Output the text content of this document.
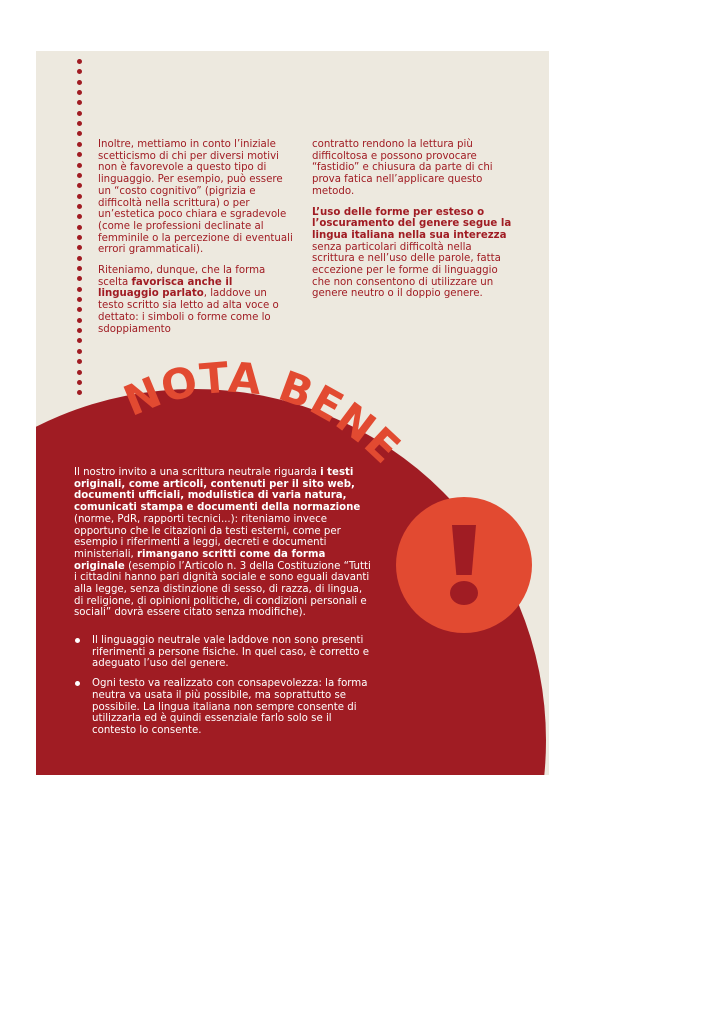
Inoltre, mettiamo in conto l’iniziale scetticismo di chi per diversi motivi non è favorevole a questo tipo di linguaggio. Per esempio, può essere un “costo cognitivo” (pigrizia e difficoltà nella scrittura) o per un’estetica poco chiara e sgradevole (come le professioni declinate al femminile o la percezione di eventuali errori grammaticali).

Riteniamo, dunque, che la forma scelta favorisca anche il linguaggio parlato, laddove un testo scritto sia letto ad alta voce o dettato: i simboli o forme come lo sdoppiamento

contratto rendono la lettura più difficoltosa e possono provocare “fastidio” e chiusura da parte di chi prova fatica nell’applicare questo metodo.

L’uso delle forme per esteso o l’oscuramento del genere segue la lingua italiana nella sua interezza senza particolari difficoltà nella scrittura e nell’uso delle parole, fatta eccezione per le forme di linguaggio che non consentono di utilizzare un genere neutro o il doppio genere.

NOTA BENE

Il nostro invito a una scrittura neutrale riguarda i testi originali, come articoli, contenuti per il sito web, documenti ufficiali, modulistica di varia natura, comunicati stampa e documenti della normazione (norme, PdR, rapporti tecnici...): riteniamo invece opportuno che le citazioni da testi esterni, come per esempio i riferimenti a leggi, decreti e documenti ministeriali, rimangano scritti come da forma originale (esempio l’Articolo n. 3 della Costituzione “Tutti i cittadini hanno pari dignità sociale e sono eguali davanti alla legge, senza distinzione di sesso, di razza, di lingua, di religione, di opinioni politiche, di condizioni personali e sociali” dovrà essere citato senza modifiche).

Il linguaggio neutrale vale laddove non sono presenti riferimenti a persone fisiche. In quel caso, è corretto e adeguato l’uso del genere.
Ogni testo va realizzato con consapevolezza: la forma neutra va usata il più possibile, ma soprattutto se possibile. La lingua italiana non sempre consente di utilizzarla ed è quindi essenziale farlo solo se il contesto lo consente.
